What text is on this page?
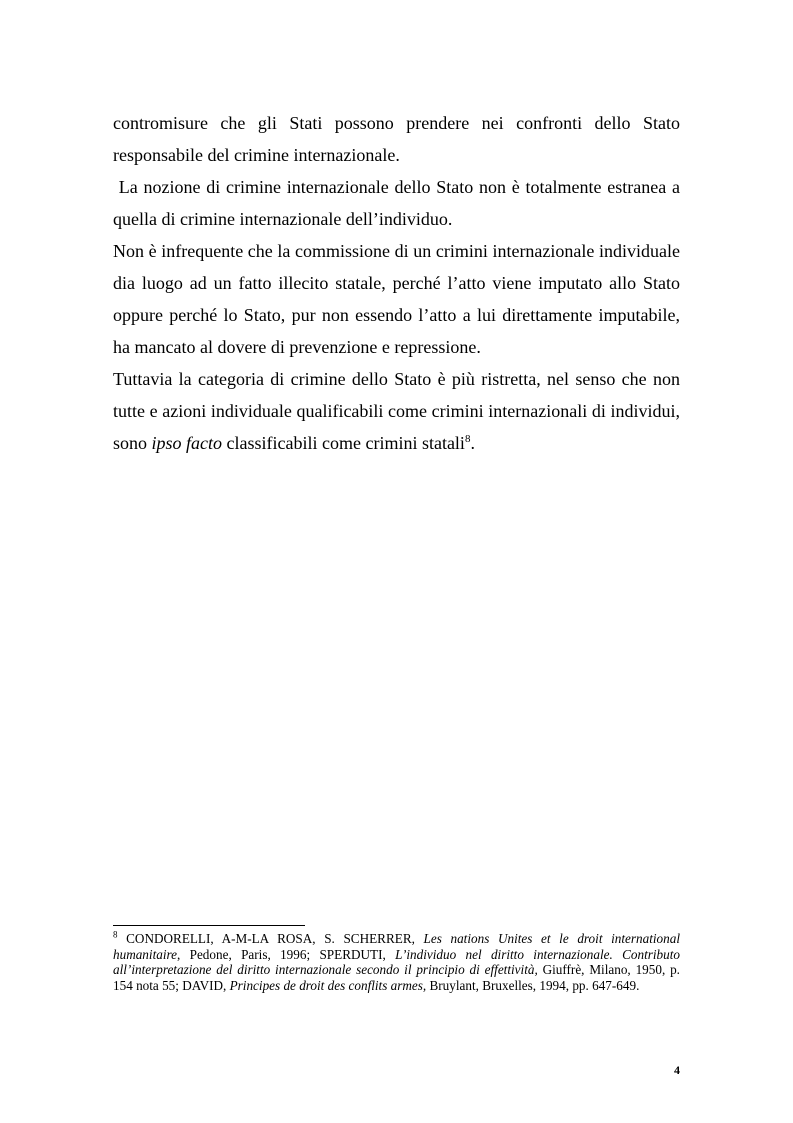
contromisure che gli Stati possono prendere nei confronti dello Stato responsabile del crimine internazionale.

La nozione di crimine internazionale dello Stato non è totalmente estranea a quella di crimine internazionale dell’individuo.

Non è infrequente che la commissione di un crimini internazionale individuale dia luogo ad un fatto illecito statale, perché l’atto viene imputato allo Stato oppure perché lo Stato, pur non essendo l’atto a lui direttamente imputabile, ha mancato al dovere di prevenzione e repressione.

Tuttavia la categoria di crimine dello Stato è più ristretta, nel senso che non tutte e azioni individuale qualificabili come crimini internazionali di individui, sono ipso facto classificabili come crimini statali$^8$.

$^8$ CONDORELLI, A-M-LA ROSA, S. SCHERRER, Les nations Unites et le droit international humanitaire, Pedone, Paris, 1996; SPERDUTI, L’individuo nel diritto internazionale. Contributo all’interpretazione del diritto internazionale secondo il principio di effettività, Giuffrè, Milano, 1950, p. 154 nota 55; DAVID, Principes de droit des conflits armes, Bruylant, Bruxelles, 1994, pp. 647-649.

4
